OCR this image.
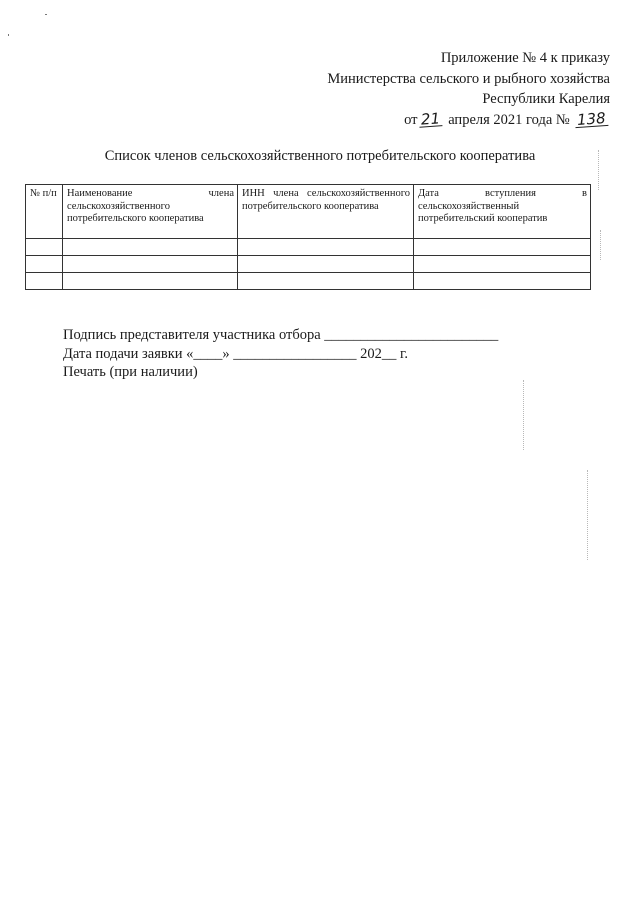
Приложение № 4 к приказу
Министерства сельского и рыбного хозяйства
Республики Карелия
от 21 апреля 2021 года № 138
Список членов сельскохозяйственного потребительского кооператива
№ п/п	Наименование члена сельскохозяйственного потребительского кооператива	ИНН члена сельскохозяйственного потребительского кооператива	Дата вступления в сельскохозяйственный потребительский кооператив

Подпись представителя участника отбора ________________________
Дата подачи заявки «____» _________________ 202__ г.
Печать (при наличии)
